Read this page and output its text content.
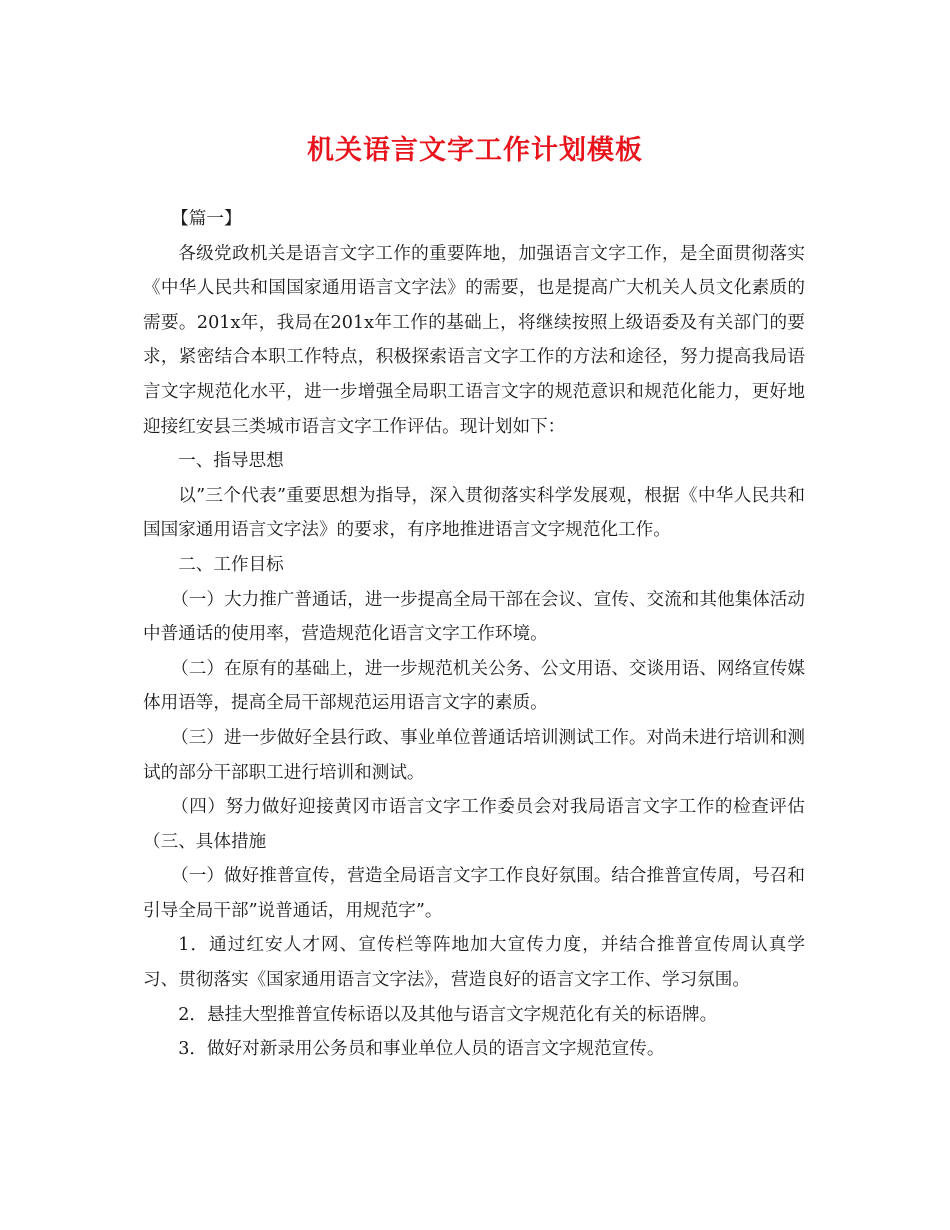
机关语言文字工作计划模板

【篇一】

各级党政机关是语言文字工作的重要阵地，加强语言文字工作，是全面贯彻落实《中华人民共和国国家通用语言文字法》的需要，也是提高广大机关人员文化素质的需要。201x年，我局在201x年工作的基础上，将继续按照上级语委及有关部门的要求，紧密结合本职工作特点，积极探索语言文字工作的方法和途径，努力提高我局语言文字规范化水平，进一步增强全局职工语言文字的规范意识和规范化能力，更好地迎接红安县三类城市语言文字工作评估。现计划如下：

一、指导思想

以”三个代表”重要思想为指导，深入贯彻落实科学发展观，根据《中华人民共和国国家通用语言文字法》的要求，有序地推进语言文字规范化工作。

二、工作目标

（一）大力推广普通话，进一步提高全局干部在会议、宣传、交流和其他集体活动中普通话的使用率，营造规范化语言文字工作环境。

（二）在原有的基础上，进一步规范机关公务、公文用语、交谈用语、网络宣传媒体用语等，提高全局干部规范运用语言文字的素质。

（三）进一步做好全县行政、事业单位普通话培训测试工作。对尚未进行培训和测试的部分干部职工进行培训和测试。

（四）努力做好迎接黄冈市语言文字工作委员会对我局语言文字工作的检查评估（三、具体措施

（一）做好推普宣传，营造全局语言文字工作良好氛围。结合推普宣传周，号召和引导全局干部”说普通话，用规范字”。

1．通过红安人才网、宣传栏等阵地加大宣传力度，并结合推普宣传周认真学习、贯彻落实《国家通用语言文字法》，营造良好的语言文字工作、学习氛围。

2．悬挂大型推普宣传标语以及其他与语言文字规范化有关的标语牌。

3．做好对新录用公务员和事业单位人员的语言文字规范宣传。
